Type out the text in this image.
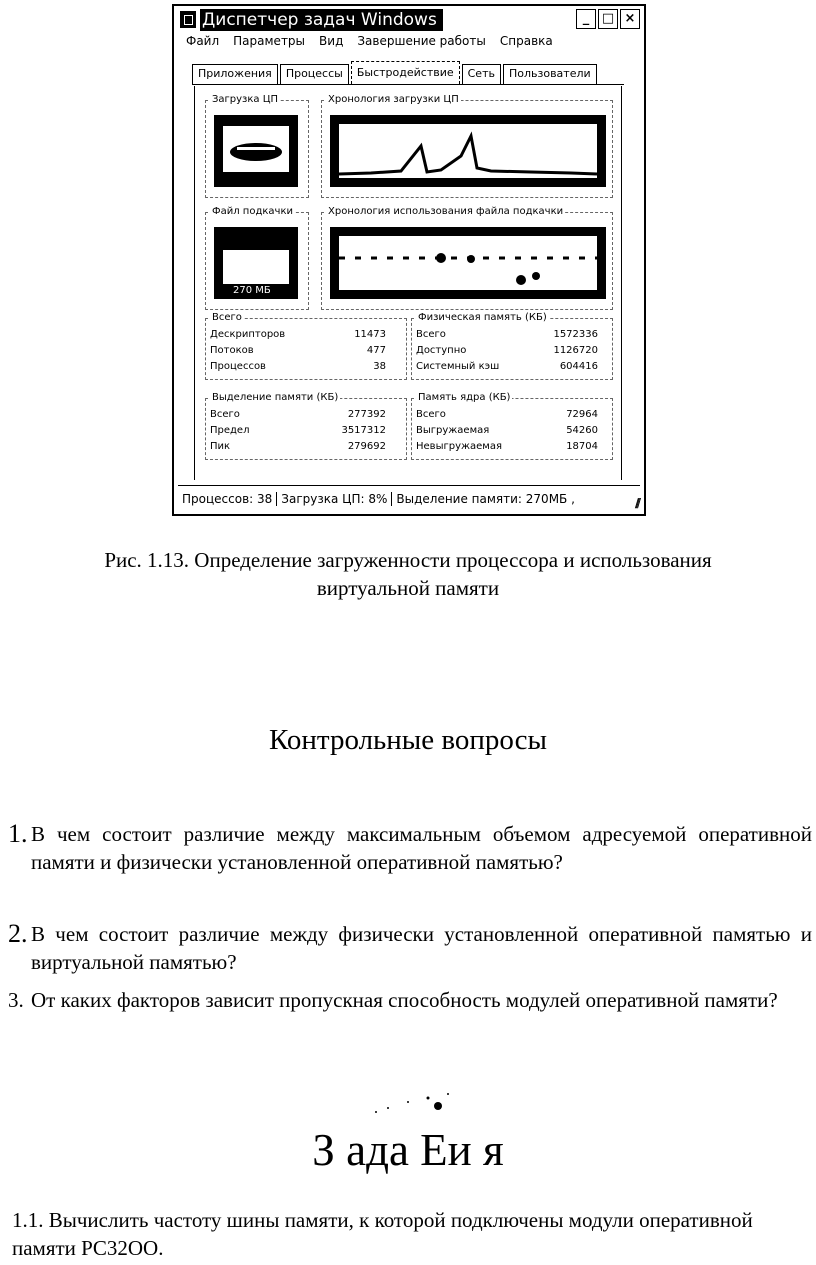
Диспетчер задач Windows	_ □ ×
Файл Параметры Вид Завершение работы Справка
Приложения	Процессы	Быстродействие	Сеть	Пользователи
Загрузка ЦП	Хронология загрузки ЦП
Файл подкачки
270 МБ
Хронология использования файла подкачки
Всего
Дескрипторов	11473
Потоков	477
Процессов	38
Физическая память (КБ)
Всего	1572336
Доступно	1126720
Системный кэш	604416
Выделение памяти (КБ)
Всего	277392
Предел	3517312
Пик	279692
Память ядра (КБ)
Всего	72964
Выгружаемая	54260
Невыгружаемая	18704
Процессов: 38 Загрузка ЦП: 8% Выделение памяти: 270МБ ,	///
Рис. 1.13. Определение загруженности процессора и использования
виртуальной памяти
Контрольные вопросы
1. В чем состоит различие между максимальным объемом адресуемой оперативной памяти и физически установленной оперативной памятью?
2. В чем состоит различие между физически установленной оперативной памятью и виртуальной памятью?
3. От каких факторов зависит пропускная способность модулей оперативной памяти?
З ада Еи я
1.1. Вычислить частоту шины памяти, к которой подключены модули оперативной памяти PC32OO.
